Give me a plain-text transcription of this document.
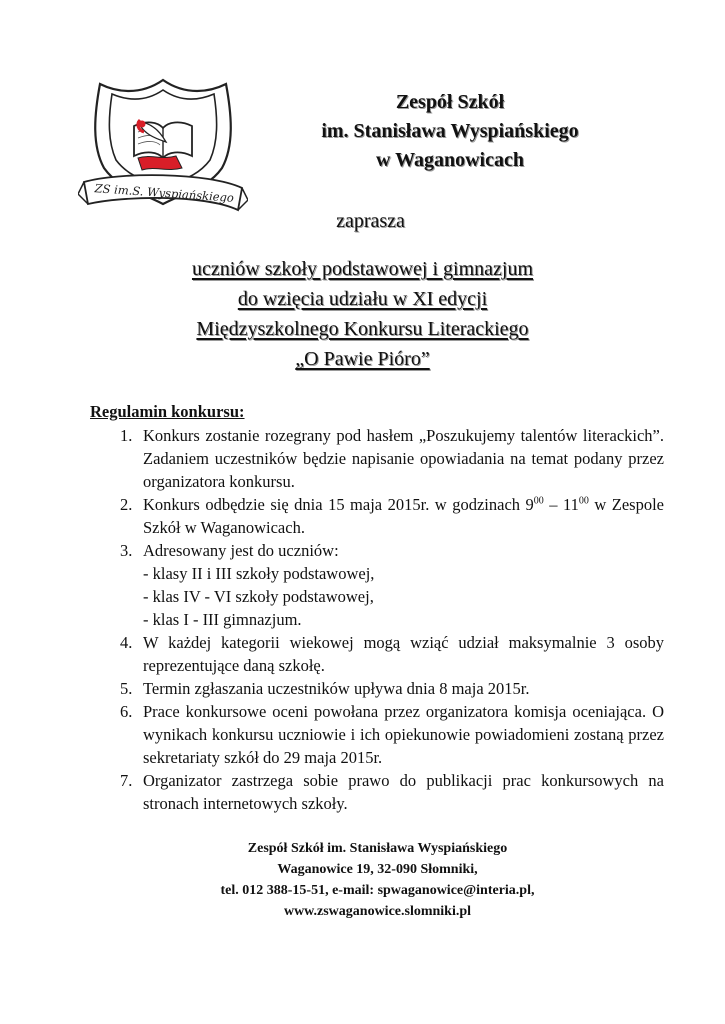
ZS im.S. Wyspiańskiego
Zespół Szkół
im. Stanisława Wyspiańskiego
w Waganowicach
zaprasza
uczniów szkoły podstawowej i gimnazjum
do wzięcia udziału w XI edycji
Międzyszkolnego Konkursu Literackiego
„O Pawie Pióro”
Regulamin konkursu:
1. Konkurs zostanie rozegrany pod hasłem „Poszukujemy talentów literackich”. Zadaniem uczestników będzie napisanie opowiadania na temat podany przez organizatora konkursu.
2. Konkurs odbędzie się dnia 15 maja 2015r. w godzinach $9^{00} - 11^{00}$ w Zespole Szkół w Waganowicach.
3. Adresowany jest do uczniów:
- klasy II i III szkoły podstawowej,
- klas IV - VI szkoły podstawowej,
- klas I - III gimnazjum.
4. W każdej kategorii wiekowej mogą wziąć udział maksymalnie 3 osoby reprezentujące daną szkołę.
5. Termin zgłaszania uczestników upływa dnia 8 maja 2015r.
6. Prace konkursowe oceni powołana przez organizatora komisja oceniająca. O wynikach konkursu uczniowie i ich opiekunowie powiadomieni zostaną przez sekretariaty szkół do 29 maja 2015r.
7. Organizator zastrzega sobie prawo do publikacji prac konkursowych na stronach internetowych szkoły.
Zespół Szkół im. Stanisława Wyspiańskiego
Waganowice 19, 32-090 Słomniki,
tel. 012 388-15-51, e-mail: spwaganowice@interia.pl,
www.zswaganowice.slomniki.pl
